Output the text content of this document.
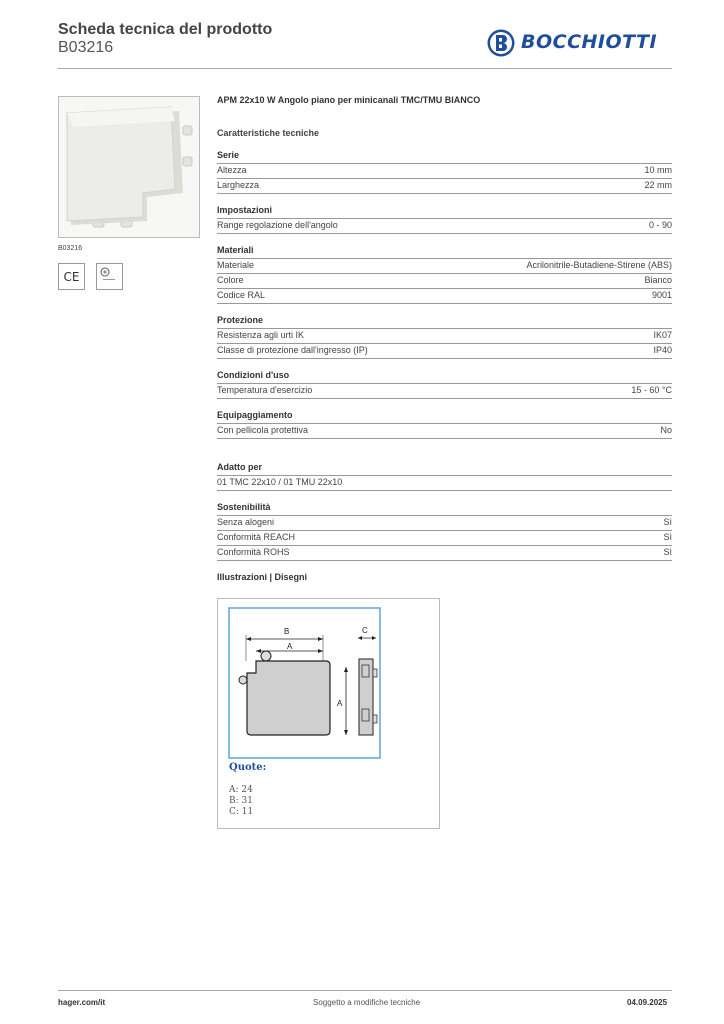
Scheda tecnica del prodotto
B03216	BOCCHIOTTI
B03216
CE
APM 22x10 W Angolo piano per minicanali TMC/TMU BIANCO
Caratteristiche tecniche
Serie
Altezza	10 mm
Larghezza	22 mm
Impostazioni
Range regolazione dell'angolo	0 - 90
Materiali
Materiale	Acrilonitrile-Butadiene-Stirene (ABS)
Colore	Bianco
Codice RAL	9001
Protezione
Resistenza agli urti IK	IK07
Classe di protezione dall'ingresso (IP)	IP40
Condizioni d'uso
Temperatura d'esercizio	15 - 60 °C
Equipaggiamento
Con pellicola protettiva	No
Adatto per
01 TMC 22x10 / 01 TMU 22x10
Sostenibilità
Senza alogeni	Sì
Conformità REACH	Sì
Conformità ROHS	Sì
Illustrazioni | Disegni
B
A
C
A
Quote:
A: 24
B: 31
C: 11
hager.com/it	Soggetto a modifiche tecniche	04.09.2025
